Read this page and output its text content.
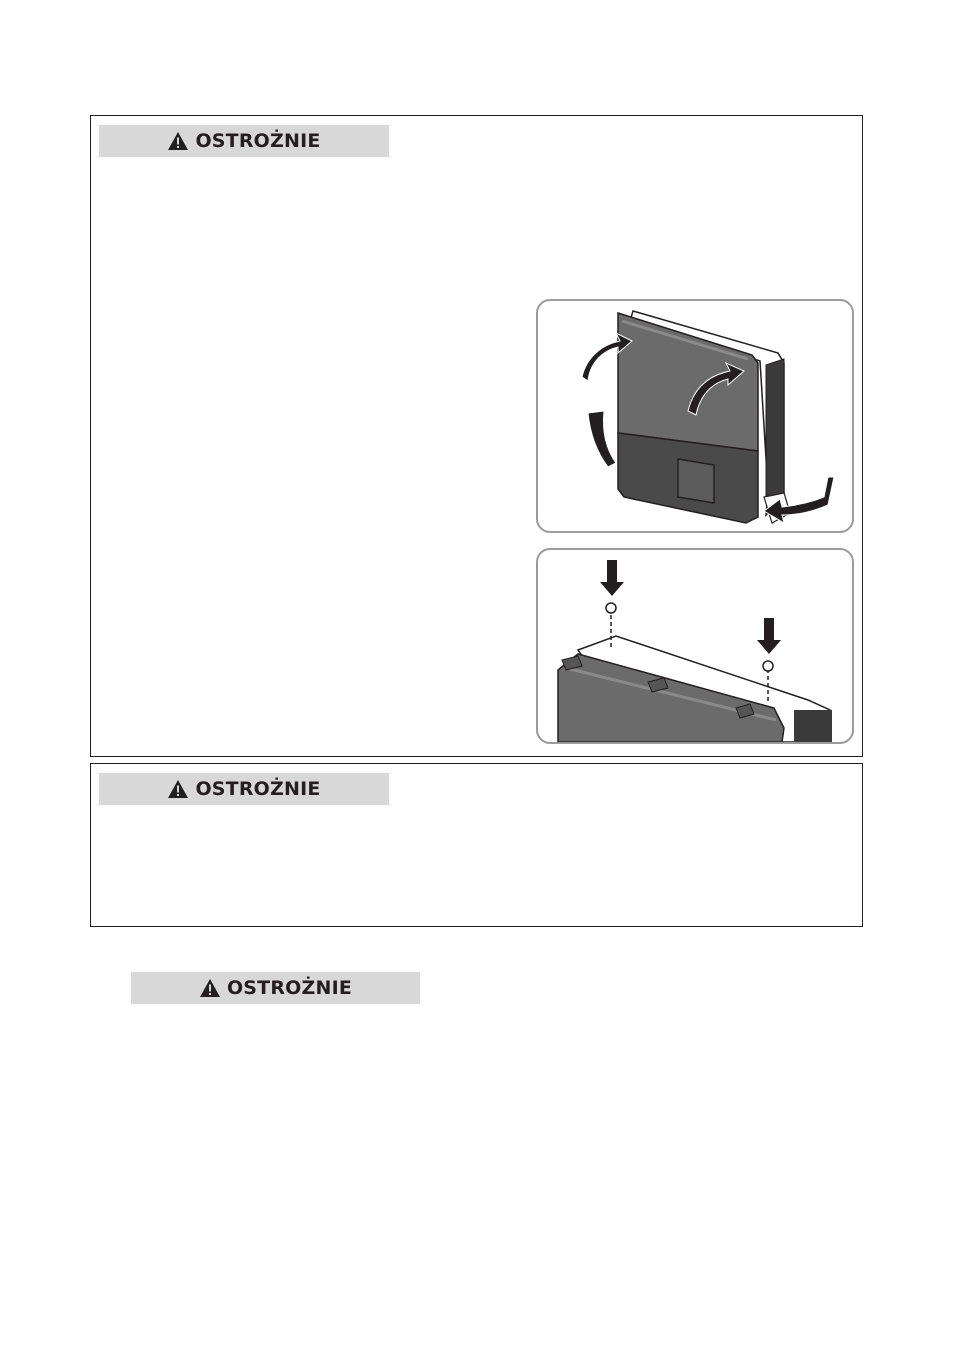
OSTROŻNIE
OSTROŻNIE
OSTROŻNIE
